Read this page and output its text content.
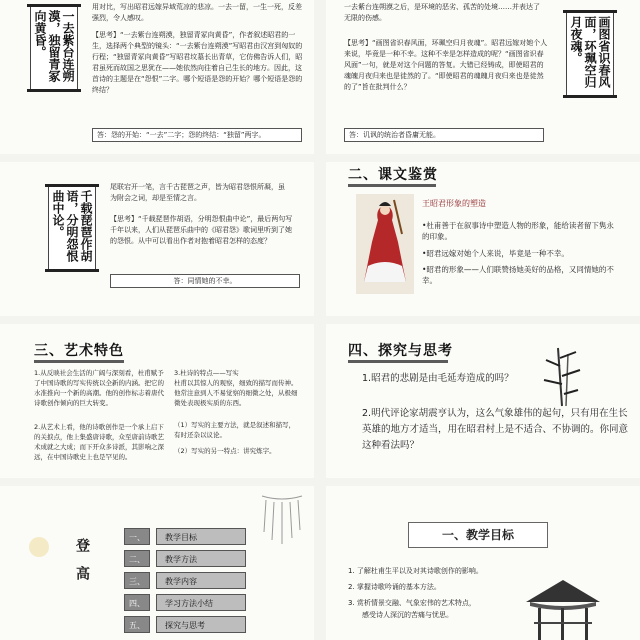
一去紫台连朔漠，独留青冢向黄昏。
用对比，写出昭君远嫁异域荒凉的悲凉。一去一留，一生一死，反差强烈，令人感叹。
【思考】“一去紫台连朔漠，独留青冢向黄昏”，作者叙述昭君的一生，选择两个典型的镜头：“一去紫台连朔漠”写昭君由汉宫到匈奴的行程；“独留青冢向黄昏”写昭君坟墓长出青草，它仿佛告诉人们，昭君虽死而故国之思犹在——她依然向往着自己生长的地方。因此，这首诗的主题是在“怨恨”二字。哪个短语是怨的开始？哪个短语是怨的终结？
答：怨的开始：“一去”二字；怨的终结：“独留”两字。
一去紫台连朔漠之后，是环境的恶劣、孤苦的处境……并表达了无限的伤感。
【思考】“画图省识春风面，环珮空归月夜魂”。昭君远嫁对她个人来说，毕竟是一种不幸。这种不幸是怎样造成的呢？“画图省识春风面”一句，就是对这个问题的答复。大错已经铸成，即使昭君的魂魄月夜归来也是徒然的了。“即使昭君的魂魄月夜归来也是徒然的了”旨在批判什么？	画图省识春风面，环珮空归月夜魂。
答：讥讽的统治者昏庸无能。
千载琵琶作胡语，分明怨恨曲中论。
尾联宕开一笔，言千古琵琶之声，皆为昭君怨恨所凝，虽为附会之词，却是至情之言。
【思考】“千载琵琶作胡语，分明怨恨曲中论”，最后两句写千年以来，人们从琵琶乐曲中的《昭君怨》歌词里听到了她的怨恨。从中可以看出作者对抱着昭君怎样的态度？
答：同情她的不幸。
二、课文鉴赏
王昭君形象的塑造
•杜甫善于在叙事诗中塑造人物的形象，能给读者留下隽永的印象。
•昭君远嫁对她个人来说，毕竟是一种不幸。
•昭君的形象——人们联赞扬她美好的品格，又同情她的不幸。
三、艺术特色
1.从反映社会生活的广阔与深刻看，杜甫赋予了中国诗歌的写实传统以全新的内涵。把它的水准推向一个新的高潮。他的创作标志着唐代诗歌创作倾向的巨大转变。
2.从艺术上看，他的诗歌创作是一个承上启下的关捩点，他上集盛唐诗歌，众至唐前诗歌艺术成就之大成；而下开众多诗派，其影响之深远，在中国诗歌史上也是罕见的。
3.杜诗的特点——写实
杜甫以其惊人的观察，细致的描写而传神。他常注意到人不易觉察的细微之处，从极细微处表现极实质的东西。
（1）写实的主要方法，就是叙述和描写，有时还杂以议论。
（2）写实的另一特点：讲究炼字。
四、探究与思考
1.昭君的悲剧是由毛延寿造成的吗？
2.明代评论家胡震亨认为，这么气象雄伟的起句，只有用在生长英雄的地方才适当，用在昭君村上是不适合、不协调的。你同意这种看法吗？
登高
一、	教学目标
二、	教学方法
三、	教学内容
四、	学习方法小结
五、	探究与思考
一、教学目标
1. 了解杜甫生平以及对其诗歌创作的影响。
2. 掌握诗歌吟诵的基本方法。
3. 赏析情景交融、气象宏伟的艺术特点，
感受诗人深沉的苦痛与忧思。
